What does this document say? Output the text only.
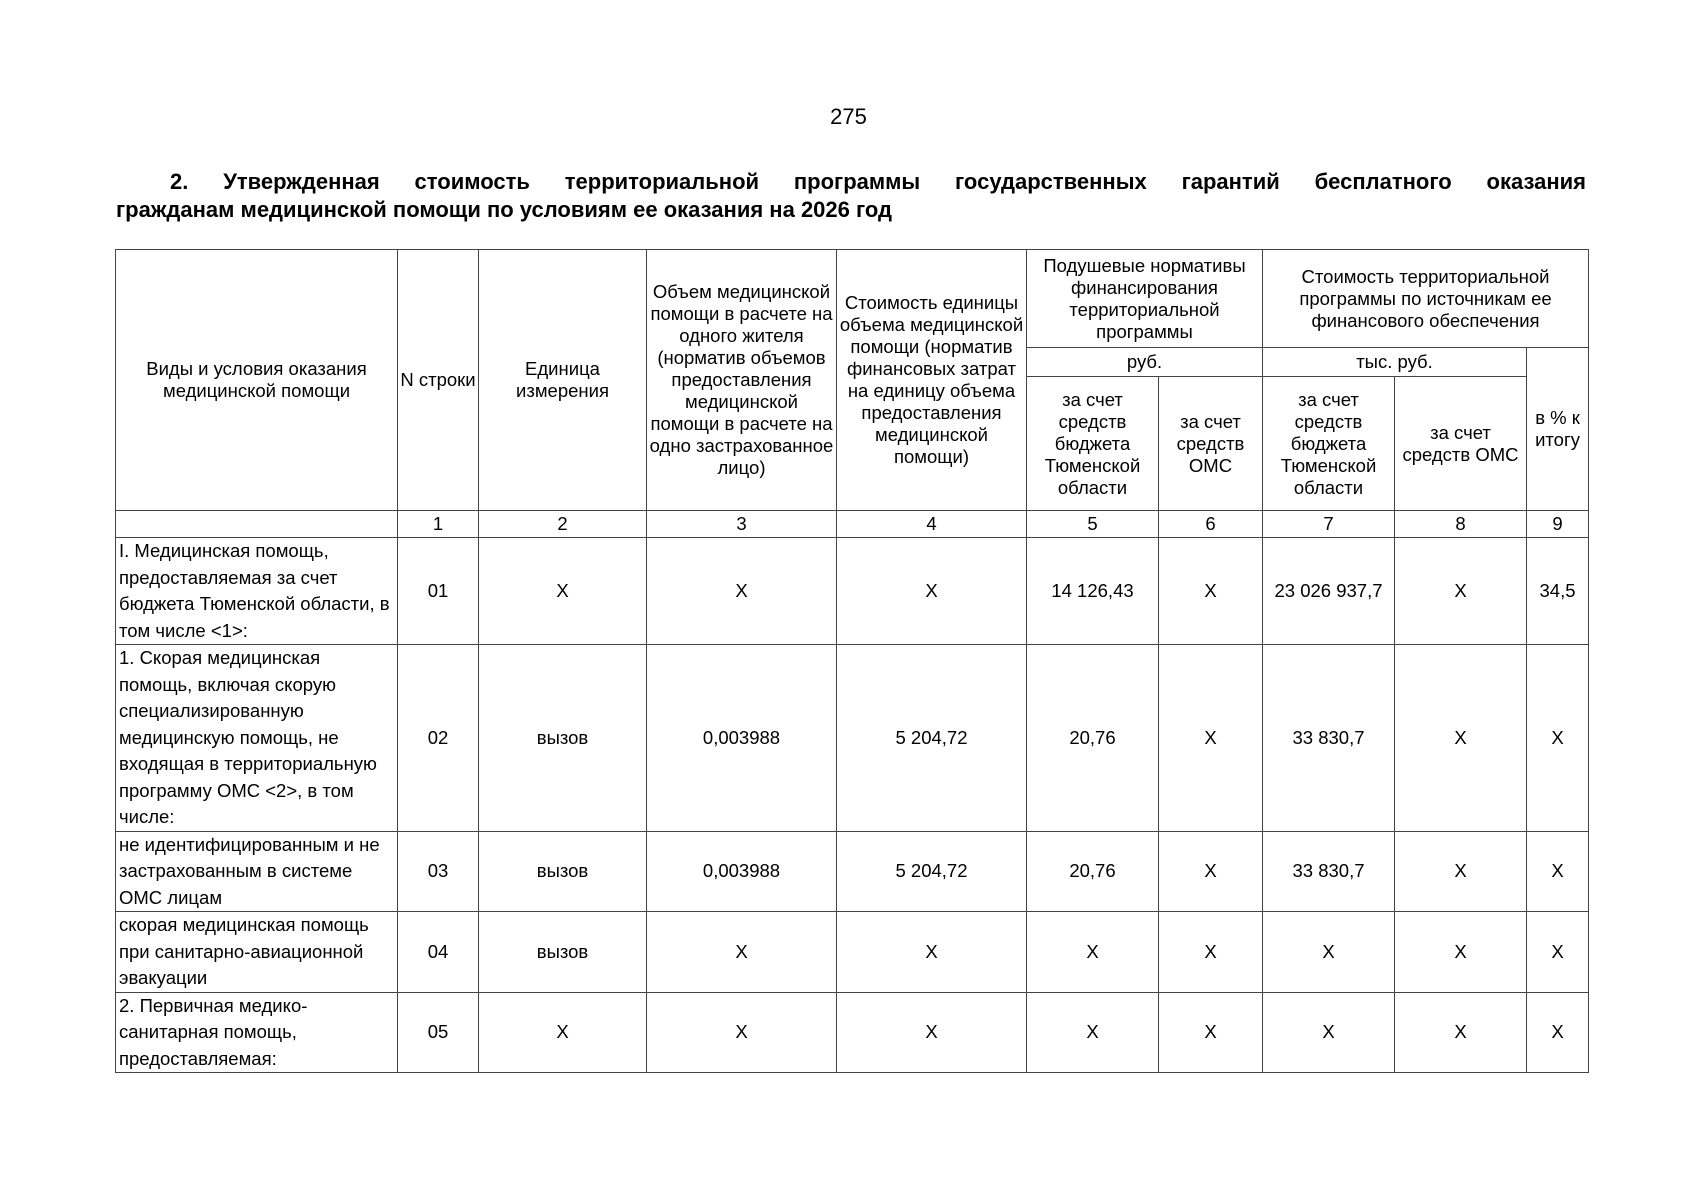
275
2. Утвержденная стоимость территориальной программы государственных гарантий бесплатного оказания
гражданам медицинской помощи по условиям ее оказания на 2026 год
Виды и условия оказания медицинской помощи	N строки	Единица измерения	Объем медицинской помощи в расчете на одного жителя (норматив объемов предоставления медицинской помощи в расчете на одно застрахованное лицо)	Стоимость единицы объема медицинской помощи (норматив финансовых затрат на единицу объема предоставления медицинской помощи)	Подушевые нормативы финансирования территориальной программы		Стоимость территориальной программы по источникам ее финансового обеспечения		
					руб.		тыс. руб.		в % к итогу
					за счет средств бюджета Тюменской области	за счет средств ОМС	за счет средств бюджета Тюменской области	за счет средств ОМС	
	1	2	3	4	5	6	7	8	9
I. Медицинская помощь, предоставляемая за счет бюджета Тюменской области, в том числе <1>:	01	X	X	X	14 126,43	X	23 026 937,7	X	34,5
1. Скорая медицинская помощь, включая скорую специализированную медицинскую помощь, не входящая в территориальную программу ОМС <2>, в том числе:	02	вызов	0,003988	5 204,72	20,76	X	33 830,7	X	X
не идентифицированным и не застрахованным в системе ОМС лицам	03	вызов	0,003988	5 204,72	20,76	X	33 830,7	X	X
скорая медицинская помощь при санитарно-авиационной эвакуации	04	вызов	X	X	X	X	X	X	X
2. Первичная медико-санитарная помощь, предоставляемая:	05	X	X	X	X	X	X	X	X
